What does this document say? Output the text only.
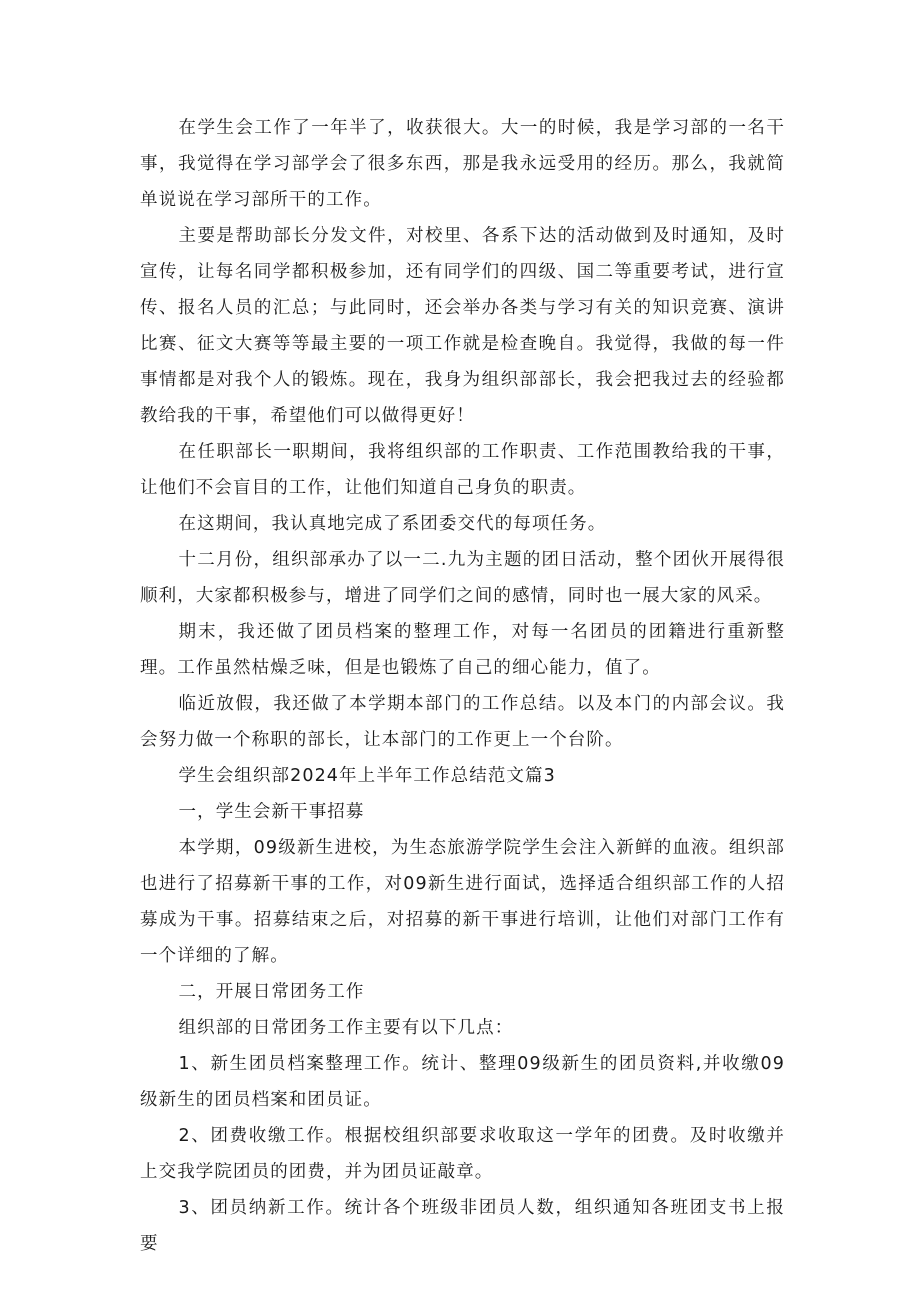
在学生会工作了一年半了，收获很大。大一的时候，我是学习部的一名干事，我觉得在学习部学会了很多东西，那是我永远受用的经历。那么，我就简单说说在学习部所干的工作。

主要是帮助部长分发文件，对校里、各系下达的活动做到及时通知，及时宣传，让每名同学都积极参加，还有同学们的四级、国二等重要考试，进行宣传、报名人员的汇总；与此同时，还会举办各类与学习有关的知识竞赛、演讲比赛、征文大赛等等最主要的一项工作就是检查晚自。我觉得，我做的每一件事情都是对我个人的锻炼。现在，我身为组织部部长，我会把我过去的经验都教给我的干事，希望他们可以做得更好！

在任职部长一职期间，我将组织部的工作职责、工作范围教给我的干事，让他们不会盲目的工作，让他们知道自己身负的职责。

在这期间，我认真地完成了系团委交代的每项任务。

十二月份，组织部承办了以一二.九为主题的团日活动，整个团伙开展得很顺利，大家都积极参与，增进了同学们之间的感情，同时也一展大家的风采。

期末，我还做了团员档案的整理工作，对每一名团员的团籍进行重新整理。工作虽然枯燥乏味，但是也锻炼了自己的细心能力，值了。

临近放假，我还做了本学期本部门的工作总结。以及本门的内部会议。我会努力做一个称职的部长，让本部门的工作更上一个台阶。

学生会组织部2024年上半年工作总结范文篇3

一，学生会新干事招募

本学期，09级新生进校，为生态旅游学院学生会注入新鲜的血液。组织部也进行了招募新干事的工作，对09新生进行面试，选择适合组织部工作的人招募成为干事。招募结束之后，对招募的新干事进行培训，让他们对部门工作有一个详细的了解。

二，开展日常团务工作

组织部的日常团务工作主要有以下几点：

1、新生团员档案整理工作。统计、整理09级新生的团员资料,并收缴09级新生的团员档案和团员证。

2、团费收缴工作。根据校组织部要求收取这一学年的团费。及时收缴并上交我学院团员的团费，并为团员证敲章。

3、团员纳新工作。统计各个班级非团员人数，组织通知各班团支书上报要
